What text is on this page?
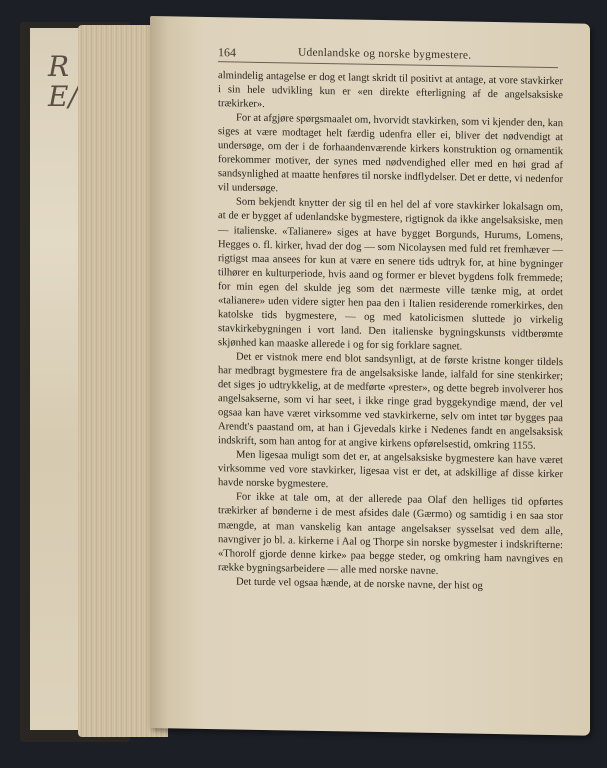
R
E/
164	Udenlandske og norske bygmestere.

almindelig antagelse er dog et langt skridt til positivt at antage, at vore stavkirker i sin hele udvikling kun er «en direkte efterligning af de angelsaksiske trækirker».

For at afgjøre spørgsmaalet om, hvorvidt stavkirken, som vi kjender den, kan siges at være modtaget helt færdig udenfra eller ei, bliver det nødvendigt at undersøge, om der i de forhaandenværende kirkers konstruktion og ornamentik forekommer motiver, der synes med nødvendighed eller med en høi grad af sandsynlighed at maatte henføres til norske indflydelser. Det er dette, vi nedenfor vil undersøge.

Som bekjendt knytter der sig til en hel del af vore stavkirker lokalsagn om, at de er bygget af udenlandske bygmestere, rigtignok da ikke angelsaksiske, men — italienske. «Talianere» siges at have bygget Borgunds, Hurums, Lomens, Hegges o. fl. kirker, hvad der dog — som Nicolaysen med fuld ret fremhæver — rigtigst maa ansees for kun at være en senere tids udtryk for, at hine bygninger tilhører en kulturperiode, hvis aand og former er blevet bygdens folk fremmede; for min egen del skulde jeg som det nærmeste ville tænke mig, at ordet «talianere» uden videre sigter hen paa den i Italien residerende romerkirkes, den katolske tids bygmestere, — og med katolicismen sluttede jo virkelig stavkirkebygningen i vort land. Den italienske bygningskunsts vidtberømte skjønhed kan maaske allerede i og for sig forklare sagnet.

Det er vistnok mere end blot sandsynligt, at de første kristne konger tildels har medbragt bygmestere fra de angelsaksiske lande, ialfald for sine stenkirker; det siges jo udtrykkelig, at de medførte «prester», og dette begreb involverer hos angelsakserne, som vi har seet, i ikke ringe grad byggekyndige mænd, der vel ogsaa kan have været virksomme ved stavkirkerne, selv om intet tør bygges paa Arendt's paastand om, at han i Gjevedals kirke i Nedenes fandt en angelsaksisk indskrift, som han antog for at angive kirkens opførelsestid, omkring 1155.

Men ligesaa muligt som det er, at angelsaksiske bygmestere kan have været virksomme ved vore stavkirker, ligesaa vist er det, at adskillige af disse kirker havde norske bygmestere.

For ikke at tale om, at der allerede paa Olaf den helliges tid opførtes trækirker af bønderne i de mest afsides dale (Gærmo) og samtidig i en saa stor mængde, at man vanskelig kan antage angelsakser sysselsat ved dem alle, navngiver jo bl. a. kirkerne i Aal og Thorpe sin norske bygmester i indskrifterne: «Thorolf gjorde denne kirke» paa begge steder, og omkring ham navngives en række bygningsarbeidere — alle med norske navne.

Det turde vel ogsaa hænde, at de norske navne, der hist og
